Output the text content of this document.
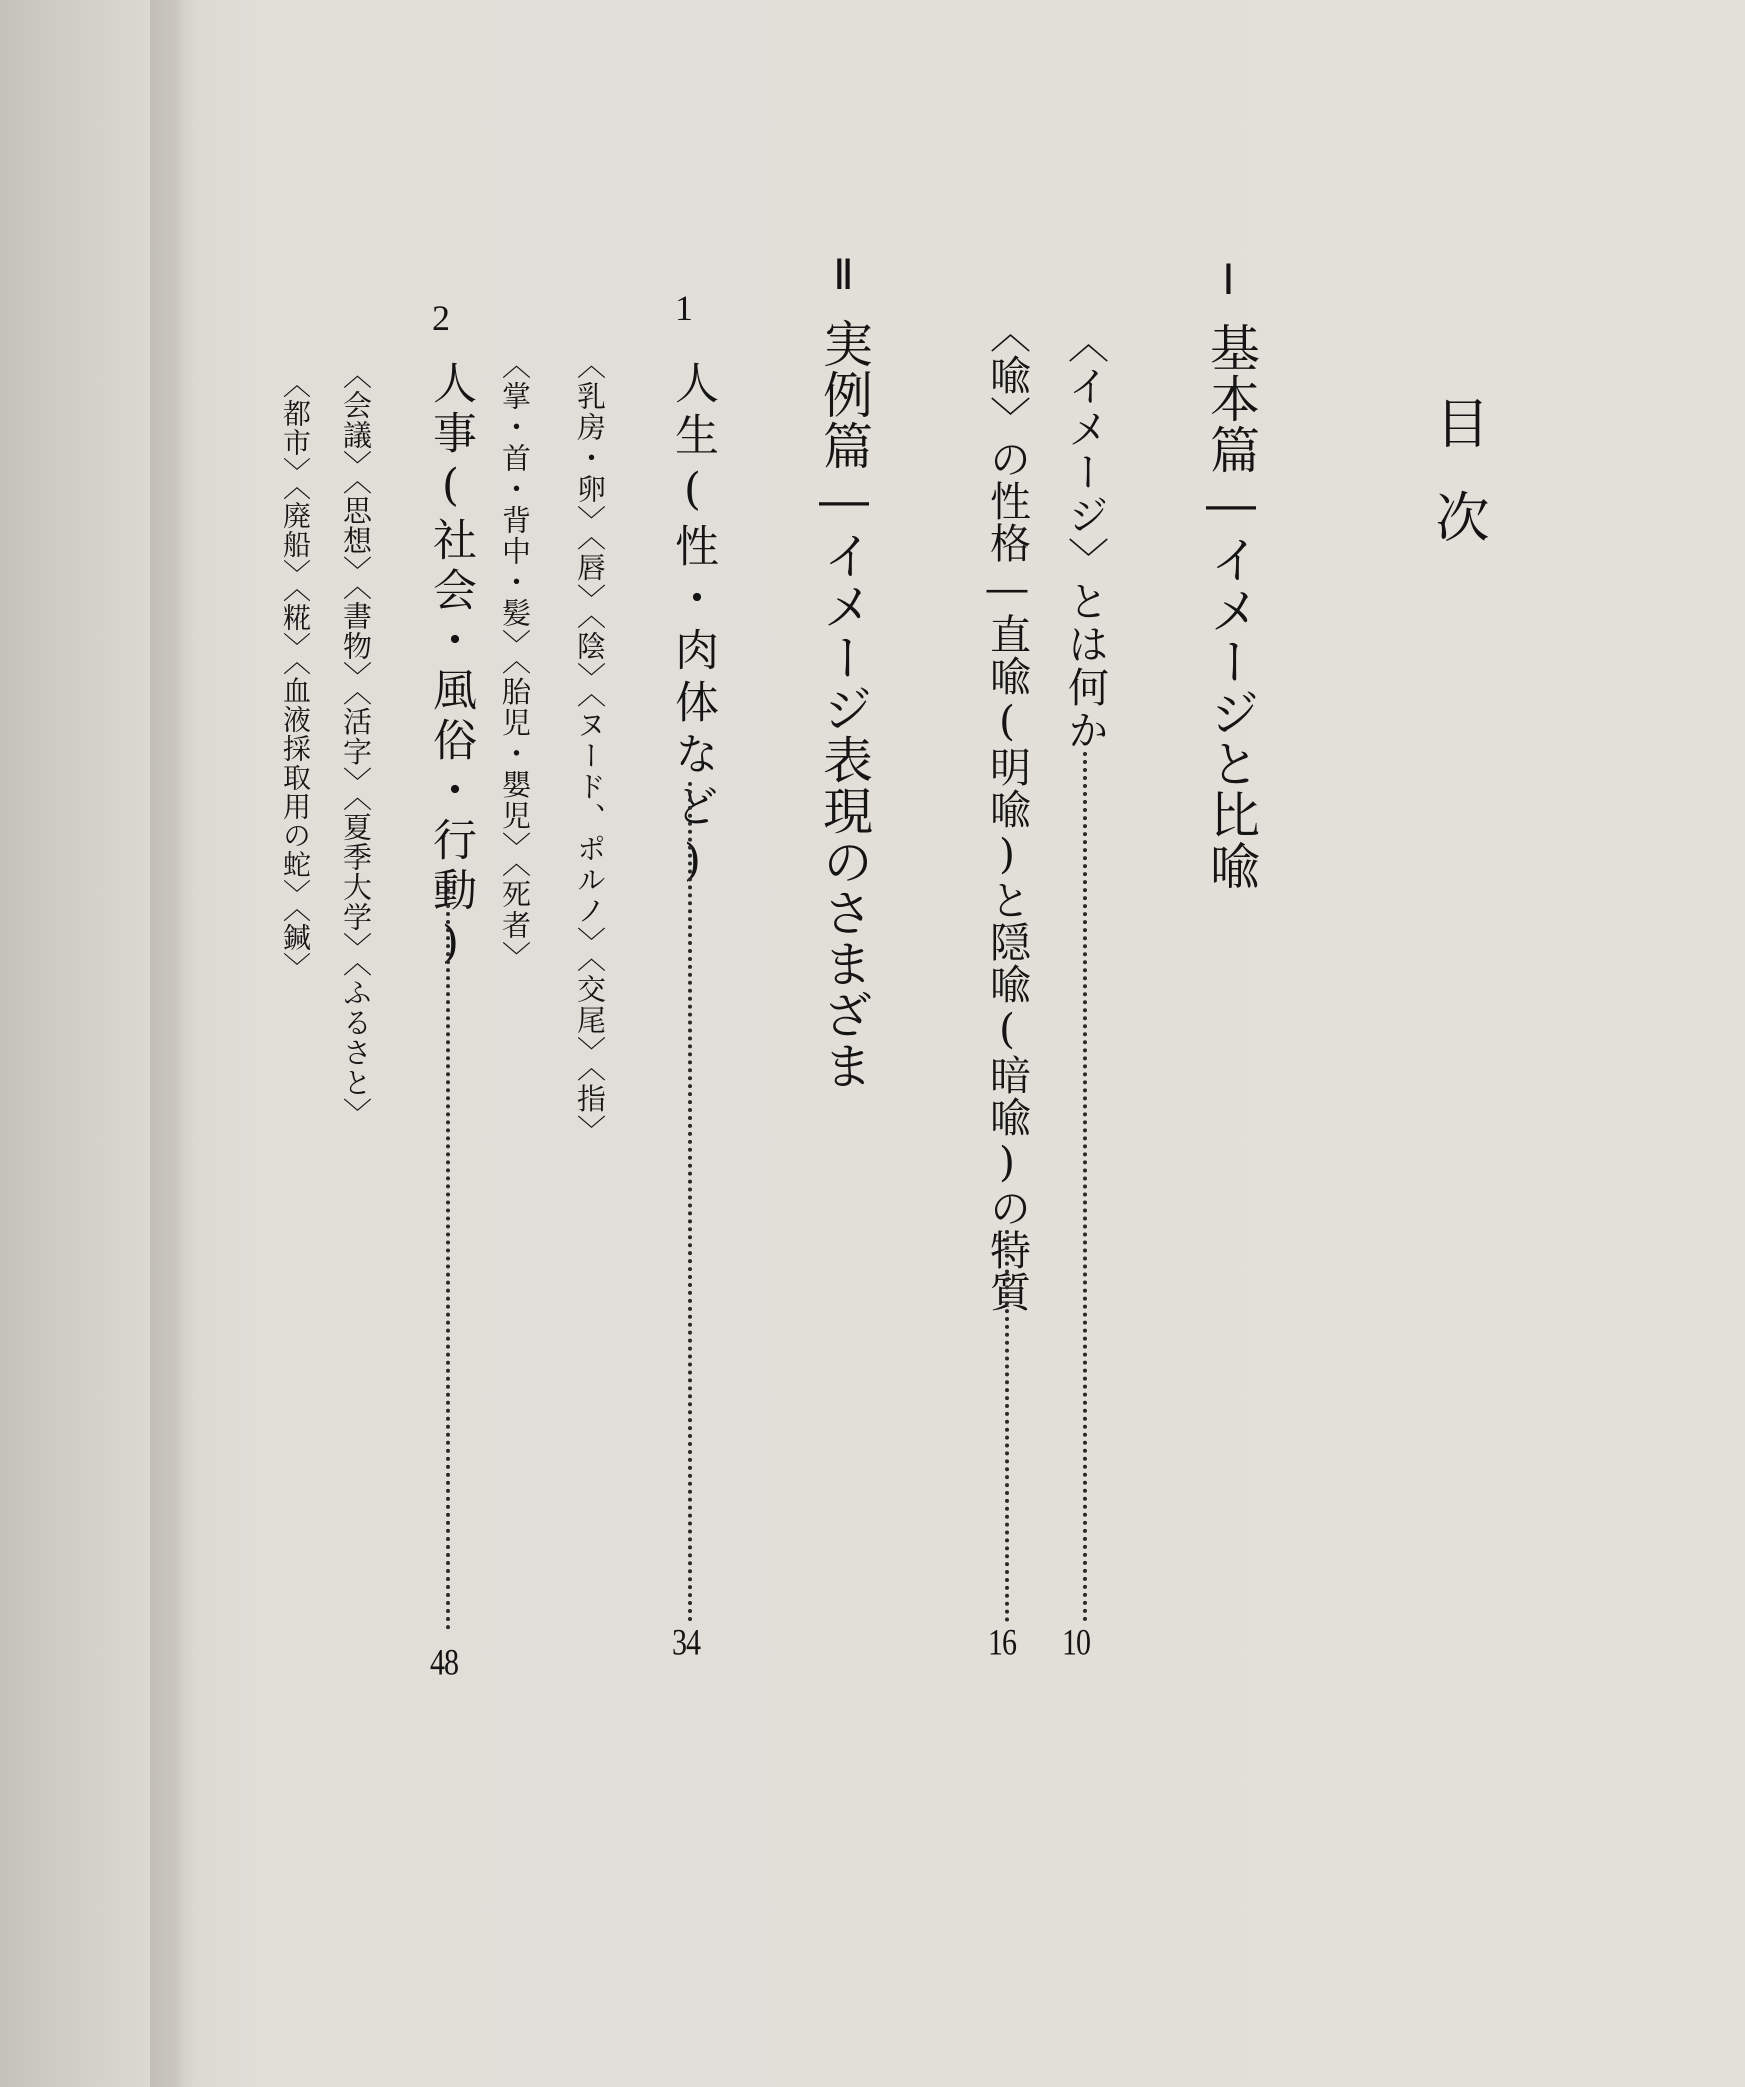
目次
Ⅰ
基本篇―イメージと比喩
〈イメージ〉とは何か
10
〈喩〉の性格―直喩(明喩)と隠喩(暗喩)の特質
16
Ⅱ
実例篇―イメージ表現のさまざま
1
人生(性・肉体など)
34
〈乳房・卵〉〈唇〉〈陰〉〈ヌード、ポルノ〉〈交尾〉〈指〉
〈掌・首・背中・髪〉〈胎児・嬰児〉〈死者〉
2
人事(社会・風俗・行動)
48
〈会議〉〈思想〉〈書物〉〈活字〉〈夏季大学〉〈ふるさと〉
〈都市〉〈廃船〉〈糀〉〈血液採取用の蛇〉〈鍼〉
